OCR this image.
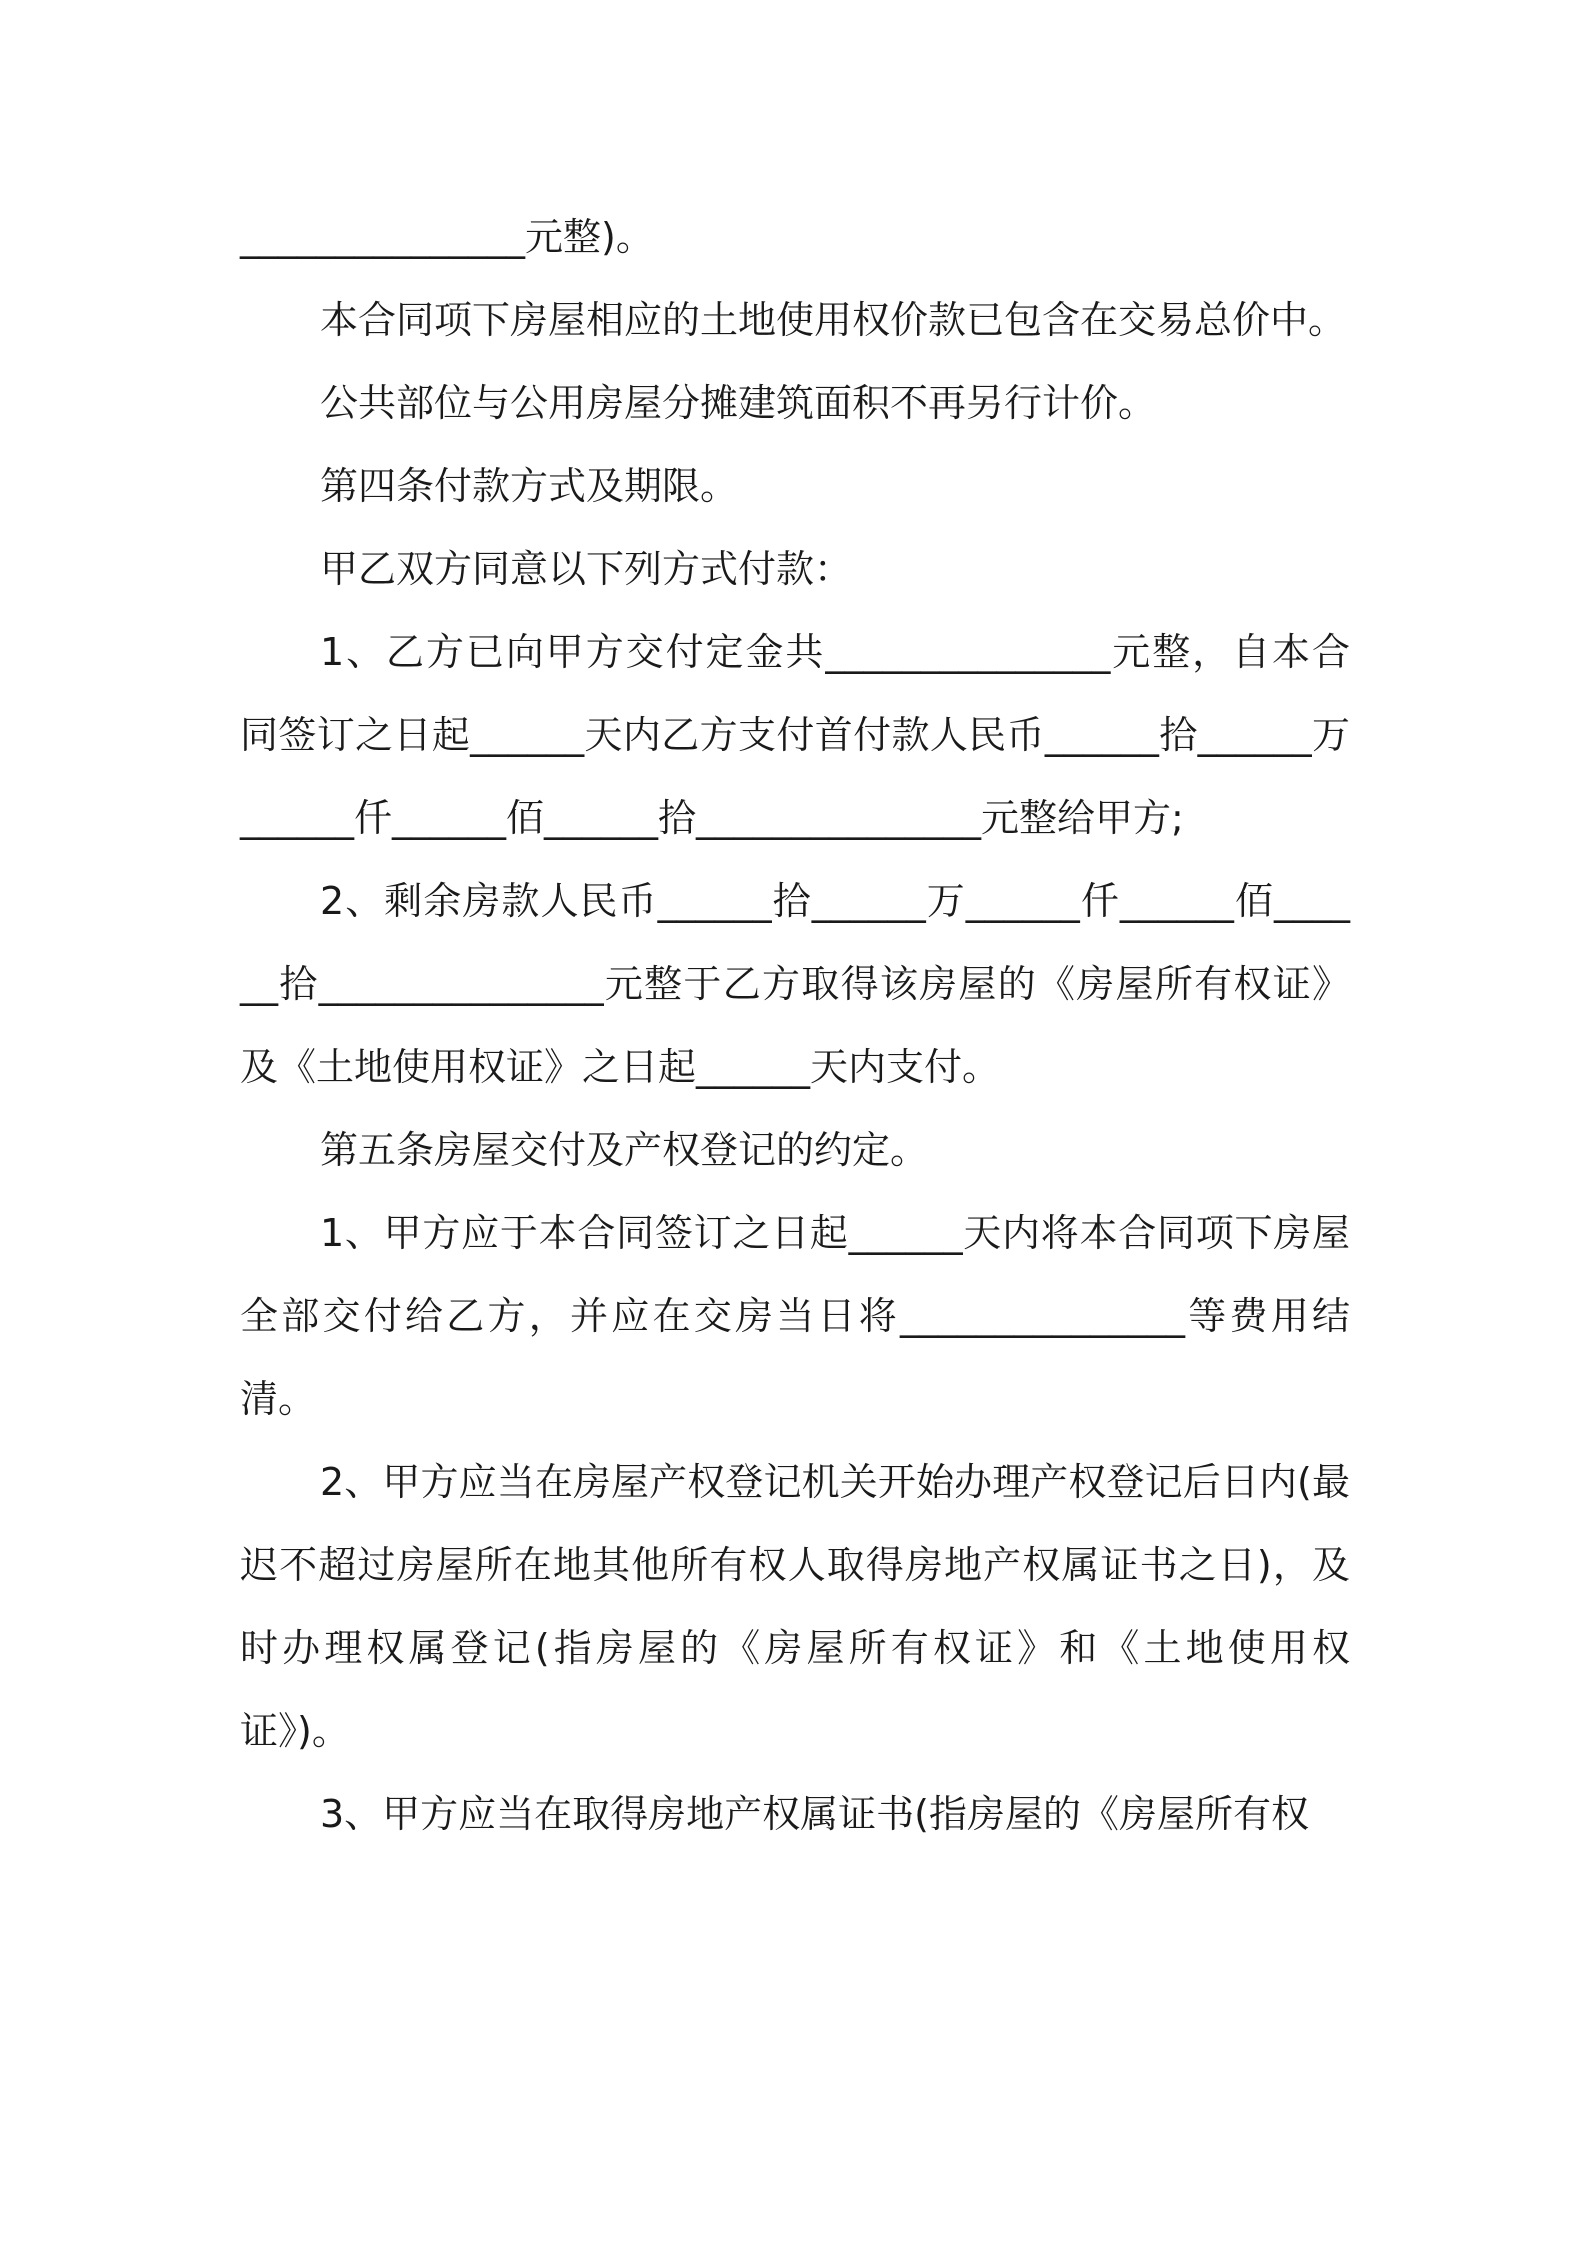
_______________元整)。

本合同项下房屋相应的土地使用权价款已包含在交易总价中。

公共部位与公用房屋分摊建筑面积不再另行计价。

第四条付款方式及期限。

甲乙双方同意以下列方式付款：

1、乙方已向甲方交付定金共_______________元整，自本合同签订之日起______天内乙方支付首付款人民币______拾______万______仟______佰______拾_______________元整给甲方;

2、剩余房款人民币______拾______万______仟______佰______拾_______________元整于乙方取得该房屋的《房屋所有权证》及《土地使用权证》之日起______天内支付。

第五条房屋交付及产权登记的约定。

1、甲方应于本合同签订之日起______天内将本合同项下房屋全部交付给乙方，并应在交房当日将_______________等费用结清。

2、甲方应当在房屋产权登记机关开始办理产权登记后日内(最迟不超过房屋所在地其他所有权人取得房地产权属证书之日)，及时办理权属登记(指房屋的《房屋所有权证》和《土地使用权证》)。

3、甲方应当在取得房地产权属证书(指房屋的《房屋所有权
